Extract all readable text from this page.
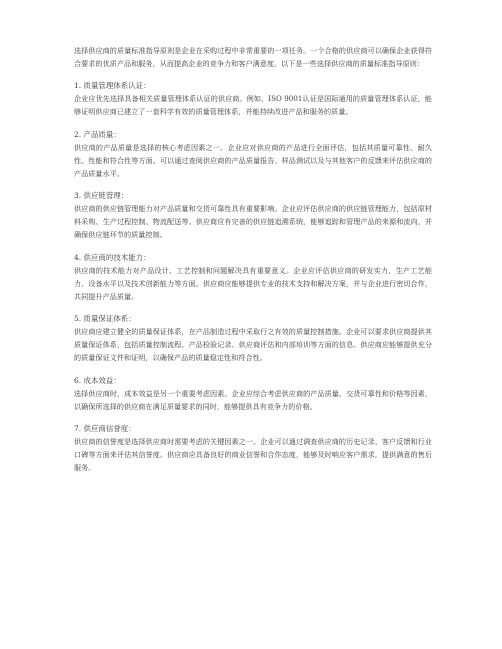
选择供应商的质量标准指导原则是企业在采购过程中非常重要的一项任务。一个合格的供应商可以确保企业获得符合要求的优质产品和服务，从而提高企业的竞争力和客户满意度。以下是一些选择供应商的质量标准指导原则：

1. 质量管理体系认证：

企业应优先选择具备相关质量管理体系认证的供应商。例如，ISO 9001认证是国际通用的质量管理体系认证，能够证明供应商已建立了一套科学有效的质量管理体系，并能持续改进产品和服务的质量。

2. 产品质量：

供应商的产品质量是选择的核心考虑因素之一。企业应对供应商的产品进行全面评估，包括其质量可靠性、耐久性、性能和符合性等方面。可以通过查阅供应商的产品质量报告、样品测试以及与其他客户的反馈来评估供应商的产品质量水平。

3. 供应链管理：

供应商的供应链管理能力对产品质量和交货可靠性具有重要影响。企业应评估供应商的供应链管理能力，包括原材料采购、生产过程控制、物流配送等。供应商应有完善的供应链追溯系统，能够追踪和管理产品的来源和流向，并确保供应链环节的质量控制。

4. 供应商的技术能力：

供应商的技术能力对产品设计、工艺控制和问题解决具有重要意义。企业应评估供应商的研发实力、生产工艺能力、设备水平以及技术创新能力等方面。供应商应能够提供专业的技术支持和解决方案，并与企业进行密切合作，共同提升产品质量。

5. 质量保证体系：

供应商应建立健全的质量保证体系，在产品制造过程中采取行之有效的质量控制措施。企业可以要求供应商提供其质量保证体系，包括质量控制流程、产品检验记录、供应商评估和内部培训等方面的信息。供应商应能够提供充分的质量保证文件和证明，以确保产品的质量稳定性和符合性。

6. 成本效益：

选择供应商时，成本效益是另一个重要考虑因素。企业应综合考虑供应商的产品质量、交货可靠性和价格等因素，以确保所选择的供应商在满足质量要求的同时，能够提供具有竞争力的价格。

7. 供应商信誉度：

供应商的信誉度是选择供应商时需要考虑的关键因素之一。企业可以通过调查供应商的历史记录、客户反馈和行业口碑等方面来评估其信誉度。供应商应具备良好的商业信誉和合作态度，能够及时响应客户需求，提供满意的售后服务。
